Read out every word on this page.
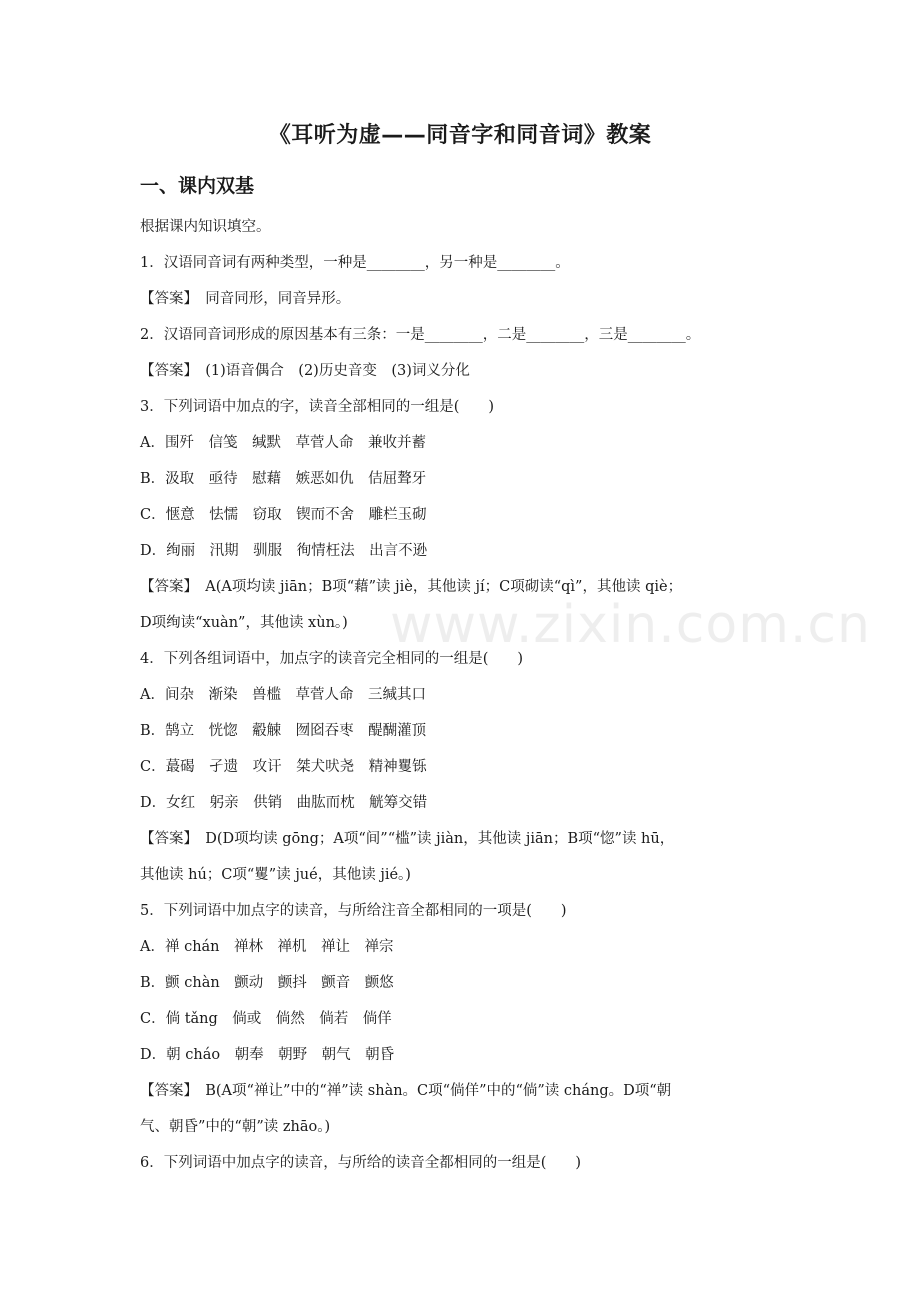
《耳听为虚——同音字和同音词》教案
一、课内双基
根据课内知识填空。
1．汉语同音词有两种类型，一种是________，另一种是________。
【答案】　同音同形，同音异形。
2．汉语同音词形成的原因基本有三条：一是________，二是________，三是________。
【答案】　(1)语音偶合　(2)历史音变　(3)词义分化
3．下列词语中加点的字，读音全部相同的一组是(　　)
A．围歼　信笺　缄默　草菅人命　兼收并蓄
B．汲取　亟待　慰藉　嫉恶如仇　佶屈聱牙
C．惬意　怯懦　窃取　锲而不舍　雕栏玉砌
D．绚丽　汛期　驯服　徇情枉法　出言不逊
【答案】　A(A项均读 jiān；B项“藉”读 jiè，其他读 jí；C项砌读“qì”，其他读 qiè；
D项绚读“xuàn”，其他读 xùn。)
4．下列各组词语中，加点字的读音完全相同的一组是(　　)
A．间杂　渐染　兽槛　草菅人命　三缄其口
B．鹄立　恍惚　觳觫　囫囵吞枣　醍醐灌顶
C．蕞碣　孑遗　攻讦　桀犬吠尧　精神矍铄
D．女红　躬亲　供销　曲肱而枕　觥筹交错
【答案】　D(D项均读 gōng；A项“间”“槛”读 jiàn，其他读 jiān；B项“惚”读 hū，
其他读 hú；C项“矍”读 jué，其他读 jié。)
5．下列词语中加点字的读音，与所给注音全都相同的一项是(　　)
A．禅 chán　禅林　禅机　禅让　禅宗
B．颤 chàn　颤动　颤抖　颤音　颤悠
C．倘 tǎng　倘或　倘然　倘若　倘佯
D．朝 cháo　朝奉　朝野　朝气　朝昏
【答案】　B(A项“禅让”中的“禅”读 shàn。C项“倘佯”中的“倘”读 cháng。D项“朝
气、朝昏”中的“朝”读 zhāo。)
6．下列词语中加点字的读音，与所给的读音全都相同的一组是(　　)
www.zixin.com.cn
